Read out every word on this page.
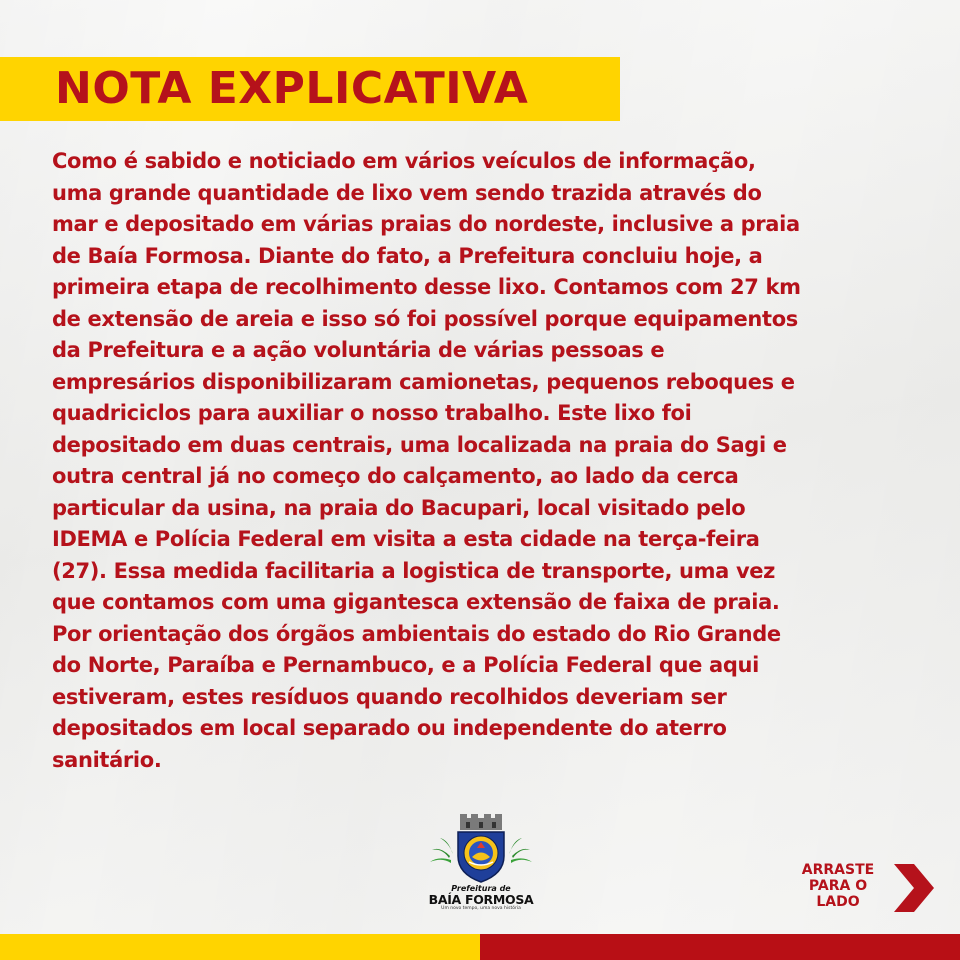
NOTA EXPLICATIVA
Como é sabido e noticiado em vários veículos de informação,
uma grande quantidade de lixo vem sendo trazida através do
mar e depositado em várias praias do nordeste, inclusive a praia
de Baía Formosa. Diante do fato, a Prefeitura concluiu hoje, a
primeira etapa de recolhimento desse lixo. Contamos com 27 km
de extensão de areia e isso só foi possível porque equipamentos
da Prefeitura e a ação voluntária de várias pessoas e
empresários disponibilizaram camionetas, pequenos reboques e
quadriciclos para auxiliar o nosso trabalho. Este lixo foi
depositado em duas centrais, uma localizada na praia do Sagi e
outra central já no começo do calçamento, ao lado da cerca
particular da usina, na praia do Bacupari, local visitado pelo
IDEMA e Polícia Federal em visita a esta cidade na terça-feira
(27). Essa medida facilitaria a logistica de transporte, uma vez
que contamos com uma gigantesca extensão de faixa de praia.
Por orientação dos órgãos ambientais do estado do Rio Grande
do Norte, Paraíba e Pernambuco, e a Polícia Federal que aqui
estiveram, estes resíduos quando recolhidos deveriam ser
depositados em local separado ou independente do aterro
sanitário.
Prefeitura de
BAÍA FORMOSA
Um novo tempo, uma nova história
ARRASTE
PARA O
LADO
